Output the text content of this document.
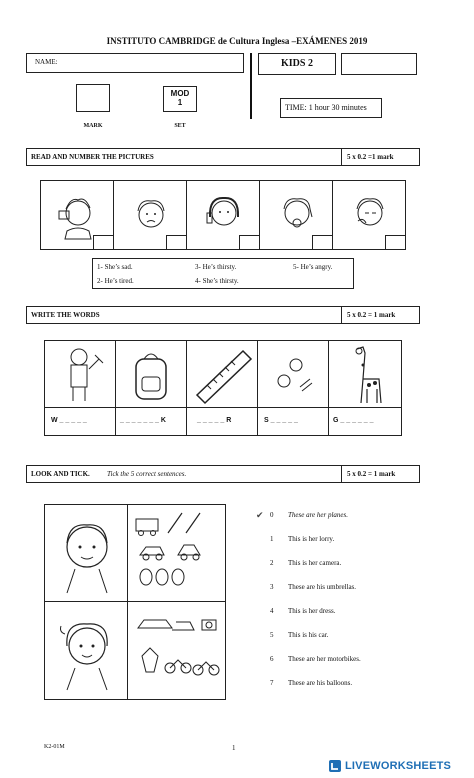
INSTITUTO CAMBRIDGE de Cultura Inglesa –EXÁMENES 2019
NAME:	KIDS 2
MARK
MOD
1
SET
TIME: 1 hour 30 minutes
READ AND NUMBER THE PICTURES	5 x 0.2 =1 mark
1- She’s sad.	3- He’s thirsty.	5- He’s angry.
2- He’s tired.	4- She’s thirsty.
WRITE THE WORDS	5 x 0.2 = 1 mark
W _ _ _ _ _	_ _ _ _ _ _ _ K	_ _ _ _ _ R	S _ _ _ _ _	G _ _ _ _ _ _
LOOK AND TICK. Tick the 5 correct sentences.	5 x 0.2 = 1 mark
✔ 0 These are her planes.
1 This is her lorry.
2 This is her camera.
3 These are his umbrellas.
4 This is her dress.
5 This is his car.
6 These are her motorbikes.
7 These are his balloons.
K2-01M	1
LIVEWORKSHEETS
